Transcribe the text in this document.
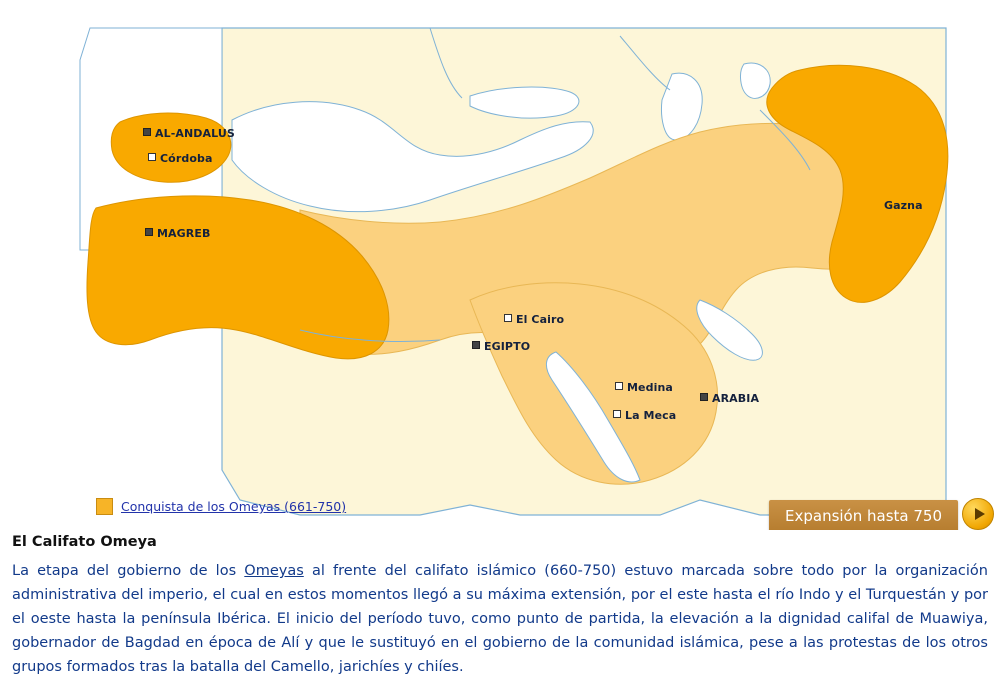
AL-ANDALUS
Córdoba
MAGREB
EGIPTO
El Cairo
Medina
La Meca
ARABIA
Gazna
Conquista de los Omeyas (661-750)
Expansión hasta 750
El Califato Omeya

La etapa del gobierno de los Omeyas al frente del califato islámico (660-750) estuvo marcada sobre todo por la organización administrativa del imperio, el cual en estos momentos llegó a su máxima extensión, por el este hasta el río Indo y el Turquestán y por el oeste hasta la península Ibérica. El inicio del período tuvo, como punto de partida, la elevación a la dignidad califal de Muawiya, gobernador de Bagdad en época de Alí y que le sustituyó en el gobierno de la comunidad islámica, pese a las protestas de los otros grupos formados tras la batalla del Camello, jarichíes y chiíes.
